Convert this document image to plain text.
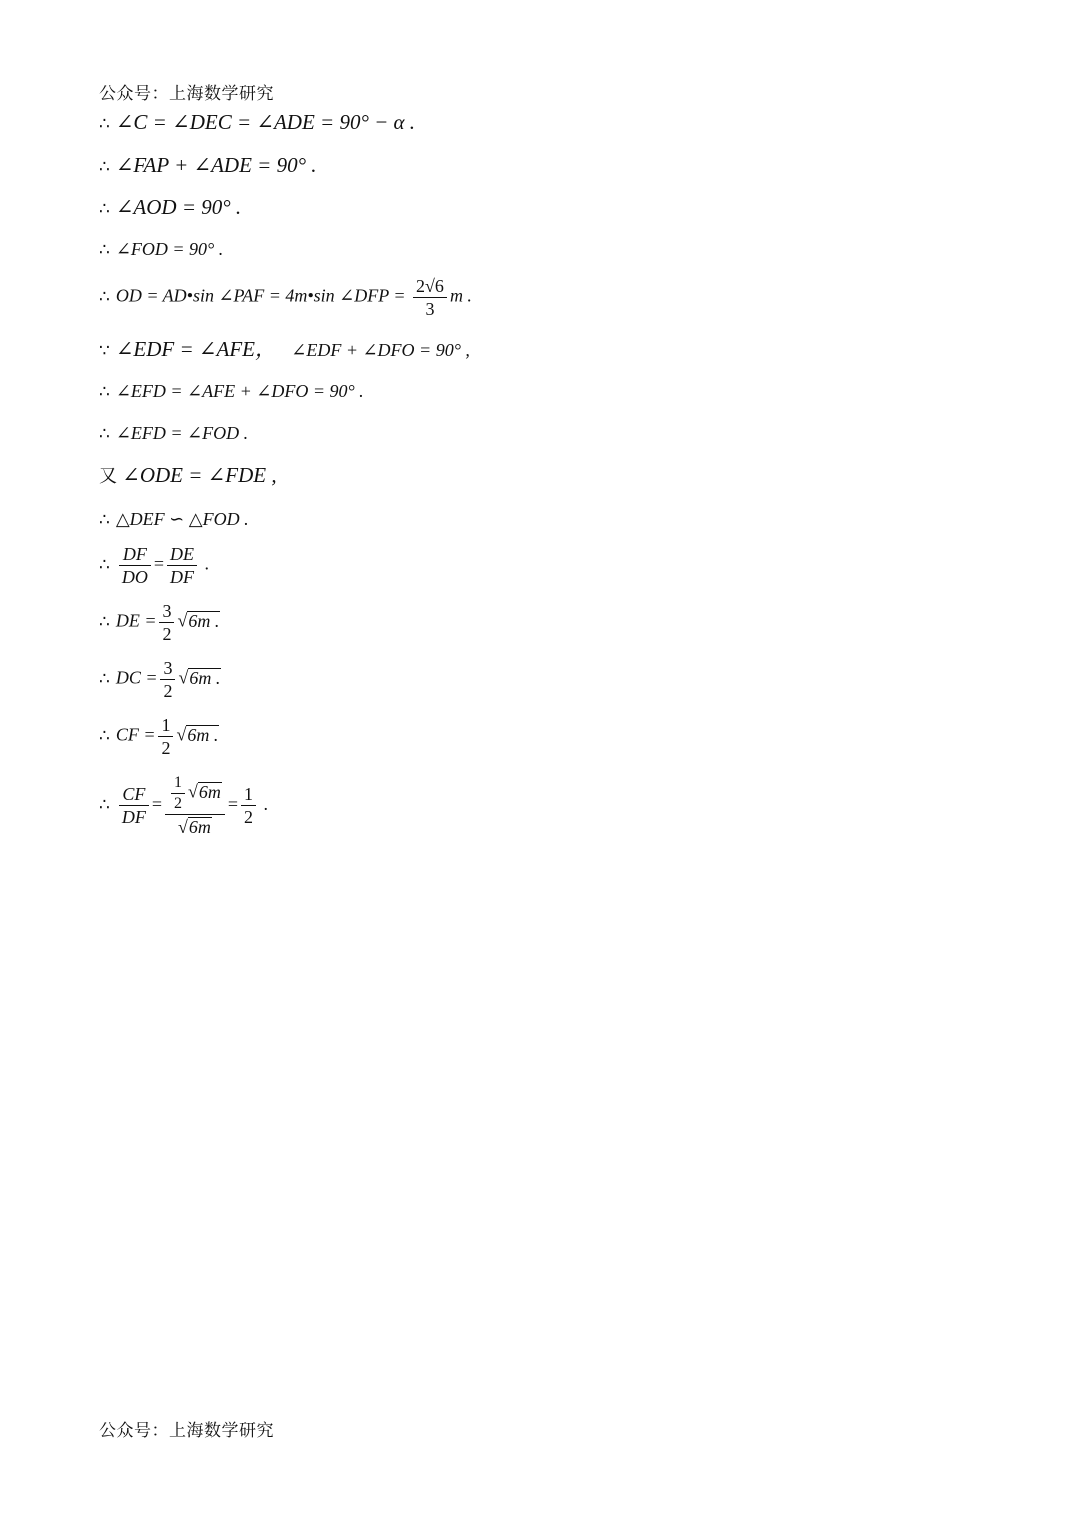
公众号：上海数学研究
∴ ∠C = ∠DEC = ∠ADE = 90° − α .
∴ ∠FAP + ∠ADE = 90° .
∴ ∠AOD = 90° .
∴ ∠FOD = 90° .
∴ OD = AD•sin ∠PAF = 4m•sin ∠DFP = $\frac{2√6}{3}$ m .
∵ ∠EDF = ∠AFE， ∠EDF + ∠DFO = 90° ,
∴ ∠EFD = ∠AFE + ∠DFO = 90° .
∴ ∠EFD = ∠FOD .
又 ∠ODE = ∠FDE ,
∴ △DEF ∽ △FOD .
∴ $\frac{DF}{DO} = \frac{DE}{DF}$ .
∴ DE = $\frac{3}{2} √6m$ .
∴ DC = $\frac{3}{2} √6m$ .
∴ CF = $\frac{1}{2} √6m$ .
∴ $\frac{CF}{DF} = \frac{\frac{1}{2} √6m}{√6m} = \frac{1}{2}$ .
公众号：上海数学研究
